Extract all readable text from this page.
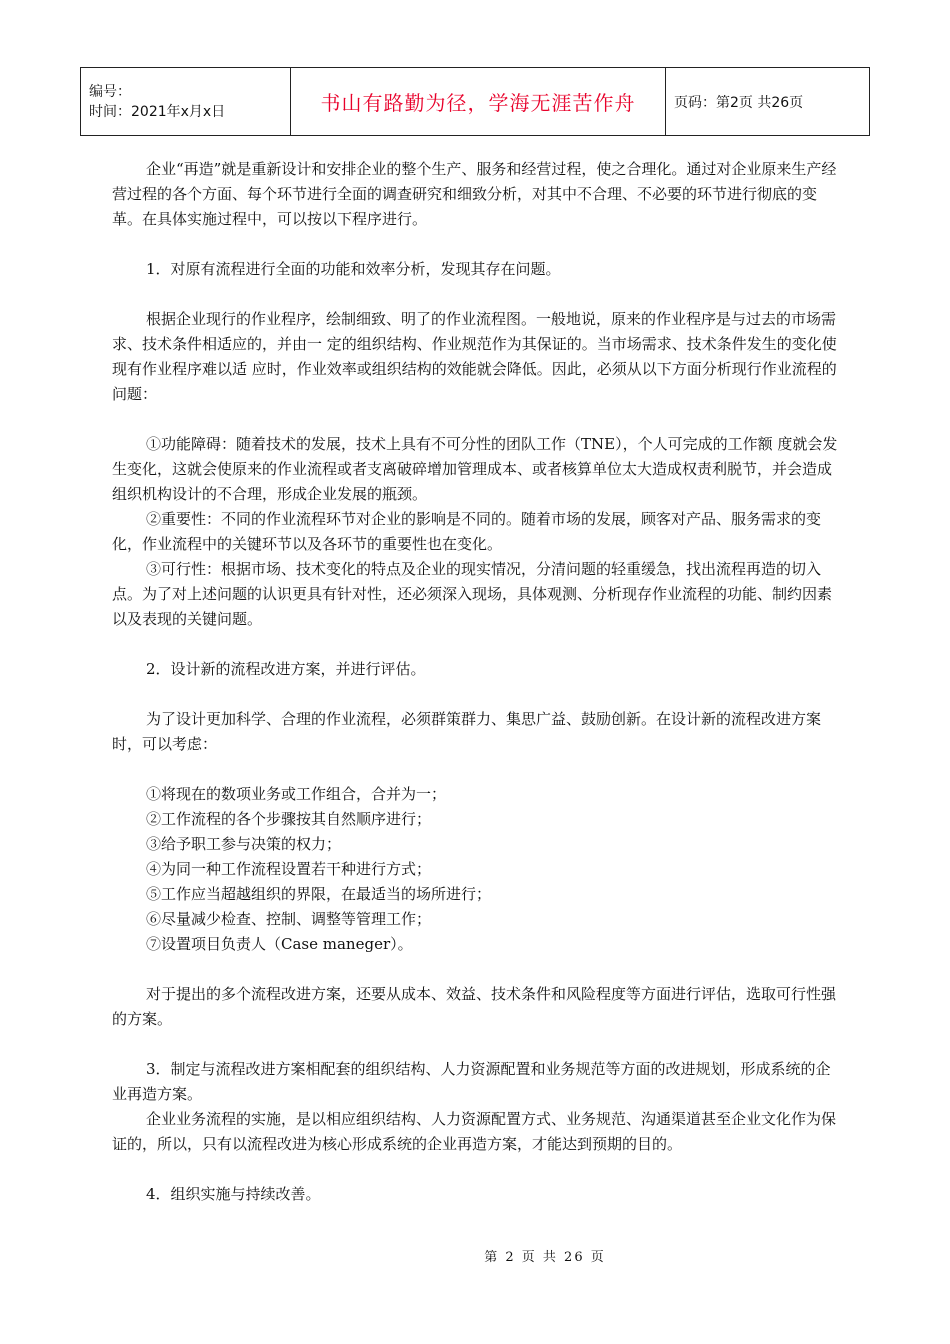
编号：
时间：2021年x月x日	书山有路勤为径，学海无涯苦作舟	页码：第2页 共26页

企业“再造”就是重新设计和安排企业的整个生产、服务和经营过程，使之合理化。通过对企业原来生产经营过程的各个方面、每个环节进行全面的调查研究和细致分析，对其中不合理、不必要的环节进行彻底的变革。在具体实施过程中，可以按以下程序进行。

1．对原有流程进行全面的功能和效率分析，发现其存在问题。

根据企业现行的作业程序，绘制细致、明了的作业流程图。一般地说，原来的作业程序是与过去的市场需求、技术条件相适应的，并由一 定的组织结构、作业规范作为其保证的。当市场需求、技术条件发生的变化使现有作业程序难以适 应时，作业效率或组织结构的效能就会降低。因此，必须从以下方面分析现行作业流程的问题：

①功能障碍：随着技术的发展，技术上具有不可分性的团队工作（TNE），个人可完成的工作额 度就会发生变化，这就会使原来的作业流程或者支离破碎增加管理成本、或者核算单位太大造成权责利脱节，并会造成组织机构设计的不合理，形成企业发展的瓶颈。

②重要性：不同的作业流程环节对企业的影响是不同的。随着市场的发展，顾客对产品、服务需求的变化，作业流程中的关键环节以及各环节的重要性也在变化。

③可行性：根据市场、技术变化的特点及企业的现实情况，分清问题的轻重缓急，找出流程再造的切入点。为了对上述问题的认识更具有针对性，还必须深入现场，具体观测、分析现存作业流程的功能、制约因素以及表现的关键问题。

2．设计新的流程改进方案，并进行评估。

为了设计更加科学、合理的作业流程，必须群策群力、集思广益、鼓励创新。在设计新的流程改进方案时，可以考虑：

①将现在的数项业务或工作组合，合并为一；

②工作流程的各个步骤按其自然顺序进行；

③给予职工参与决策的权力；

④为同一种工作流程设置若干种进行方式；

⑤工作应当超越组织的界限，在最适当的场所进行；

⑥尽量减少检查、控制、调整等管理工作；

⑦设置项目负责人（Case maneger）。

对于提出的多个流程改进方案，还要从成本、效益、技术条件和风险程度等方面进行评估，选取可行性强的方案。

3．制定与流程改进方案相配套的组织结构、人力资源配置和业务规范等方面的改进规划，形成系统的企业再造方案。

企业业务流程的实施，是以相应组织结构、人力资源配置方式、业务规范、沟通渠道甚至企业文化作为保证的，所以，只有以流程改进为核心形成系统的企业再造方案，才能达到预期的目的。

4．组织实施与持续改善。

第 2 页 共 26 页
